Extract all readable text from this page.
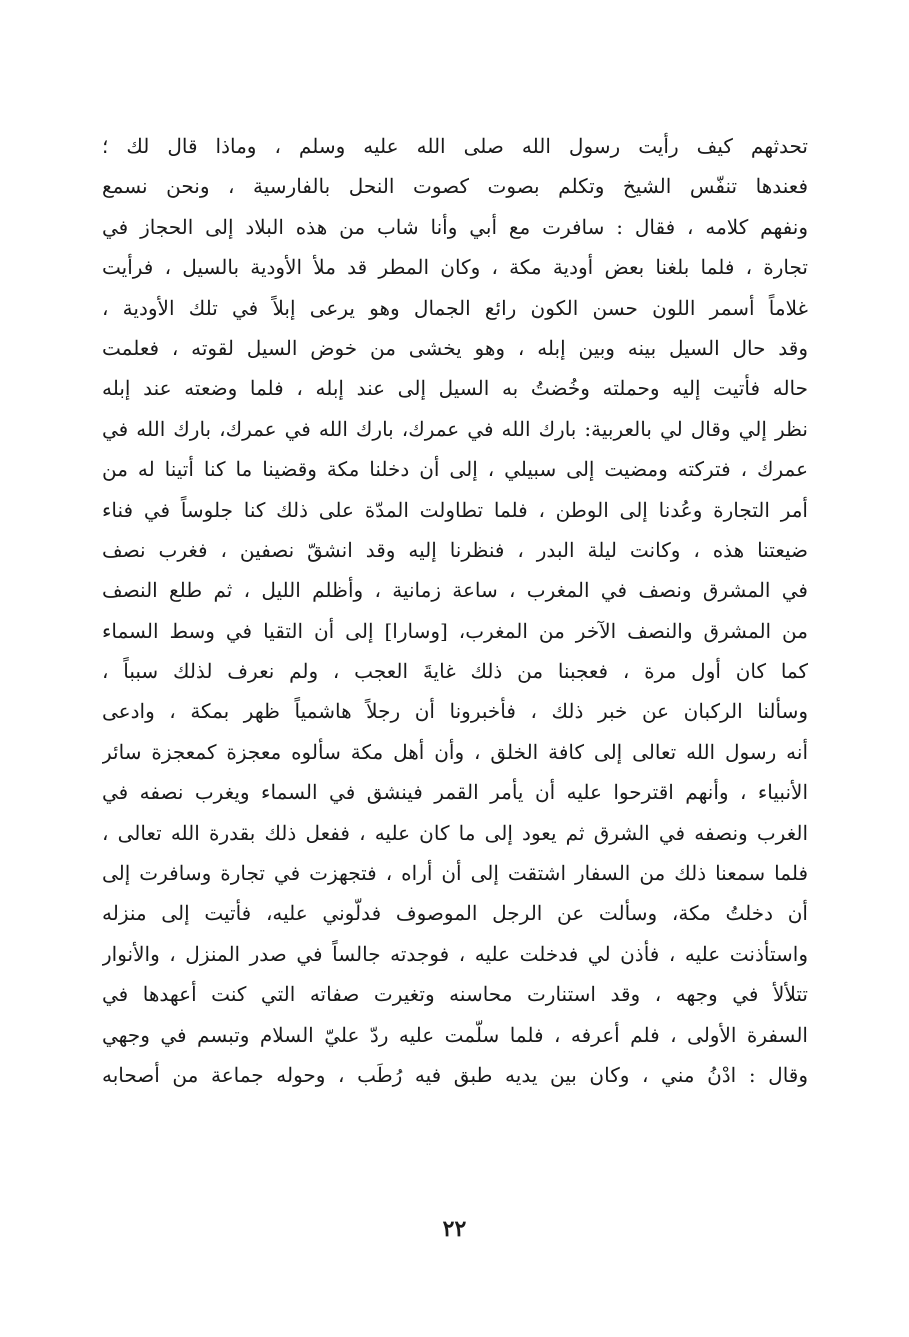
تحدثهم كيف رأيت رسول الله صلى الله عليه وسلم ، وماذا قال لك ؛
فعندها تنفّس الشيخ وتكلم بصوت كصوت النحل بالفارسية ، ونحن نسمع
ونفهم كلامه ، فقال : سافرت مع أبي وأنا شاب من هذه البلاد إلى الحجاز في
تجارة ، فلما بلغنا بعض أودية مكة ، وكان المطر قد ملأ الأودية بالسيل ، فرأيت
غلاماً أسمر اللون حسن الكون رائع الجمال وهو يرعى إبلاً في تلك الأودية ،
وقد حال السيل بينه وبين إبله ، وهو يخشى من خوض السيل لقوته ، فعلمت
حاله فأتيت إليه وحملته وخُضتُ به السيل إلى عند إبله ، فلما وضعته عند إبله
نظر إلي وقال لي بالعربية: بارك الله في عمرك، بارك الله في عمرك، بارك الله في
عمرك ، فتركته ومضيت إلى سبيلي ، إلى أن دخلنا مكة وقضينا ما كنا أتينا له من
أمر التجارة وعُدنا إلى الوطن ، فلما تطاولت المدّة على ذلك كنا جلوساً في فناء
ضيعتنا هذه ، وكانت ليلة البدر ، فنظرنا إليه وقد انشقّ نصفين ، فغرب نصف
في المشرق ونصف في المغرب ، ساعة زمانية ، وأظلم الليل ، ثم طلع النصف
من المشرق والنصف الآخر من المغرب، [وسارا] إلى أن التقيا في وسط السماء
كما كان أول مرة ، فعجبنا من ذلك غايةَ العجب ، ولم نعرف لذلك سبباً ،
وسألنا الركبان عن خبر ذلك ، فأخبرونا أن رجلاً هاشمياً ظهر بمكة ، وادعى
أنه رسول الله تعالى إلى كافة الخلق ، وأن أهل مكة سألوه معجزة كمعجزة سائر
الأنبياء ، وأنهم اقترحوا عليه أن يأمر القمر فينشق في السماء ويغرب نصفه في
الغرب ونصفه في الشرق ثم يعود إلى ما كان عليه ، ففعل ذلك بقدرة الله تعالى ،
فلما سمعنا ذلك من السفار اشتقت إلى أن أراه ، فتجهزت في تجارة وسافرت إلى
أن دخلتُ مكة، وسألت عن الرجل الموصوف فدلّوني عليه، فأتيت إلى منزله
واستأذنت عليه ، فأذن لي فدخلت عليه ، فوجدته جالساً في صدر المنزل ، والأنوار
تتلألأ في وجهه ، وقد استنارت محاسنه وتغيرت صفاته التي كنت أعهدها في
السفرة الأولى ، فلم أعرفه ، فلما سلّمت عليه ردّ عليّ السلام وتبسم في وجهي
وقال : ادْنُ مني ، وكان بين يديه طبق فيه رُطَب ، وحوله جماعة من أصحابه
٢٢
